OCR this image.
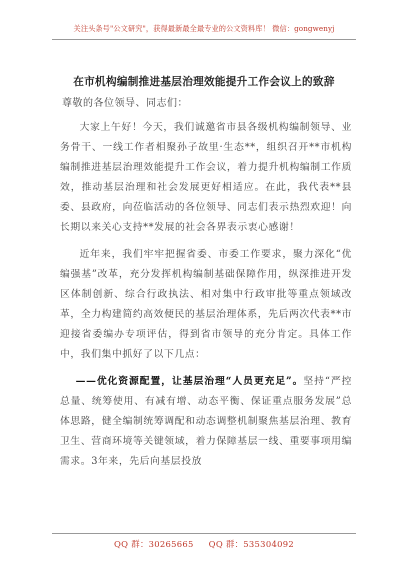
关注头条号"公文研究"，获得最新最全最专业的公文资料库！ 微信：gongwenyj
在市机构编制推进基层治理效能提升工作会议上的致辞
尊敬的各位领导、同志们：

大家上午好！今天，我们诚邀省市县各级机构编制领导、业务骨干、一线工作者相聚孙子故里·生态**，组织召开**市机构编制推进基层治理效能提升工作会议，着力提升机构编制工作质效，推动基层治理和社会发展更好相适应。在此，我代表**县委、县政府，向莅临活动的各位领导、同志们表示热烈欢迎！向长期以来关心支持**发展的社会各界表示衷心感谢！

近年来，我们牢牢把握省委、市委工作要求，聚力深化“优编强基”改革，充分发挥机构编制基础保障作用，纵深推进开发区体制创新、综合行政执法、相对集中行政审批等重点领域改革，全力构建简约高效便民的基层治理体系，先后两次代表**市迎接省委编办专项评估，得到省市领导的充分肯定。具体工作中，我们集中抓好了以下几点：

——优化资源配置，让基层治理“人员更充足”。坚持“严控总量、统筹使用、有减有增、动态平衡、保证重点服务发展”总体思路，健全编制统筹调配和动态调整机制聚焦基层治理、教育卫生、营商环境等关键领域，着力保障基层一线、重要事项用编需求。3年来，先后向基层投放

QQ 群：30265665 QQ 群：535304092
